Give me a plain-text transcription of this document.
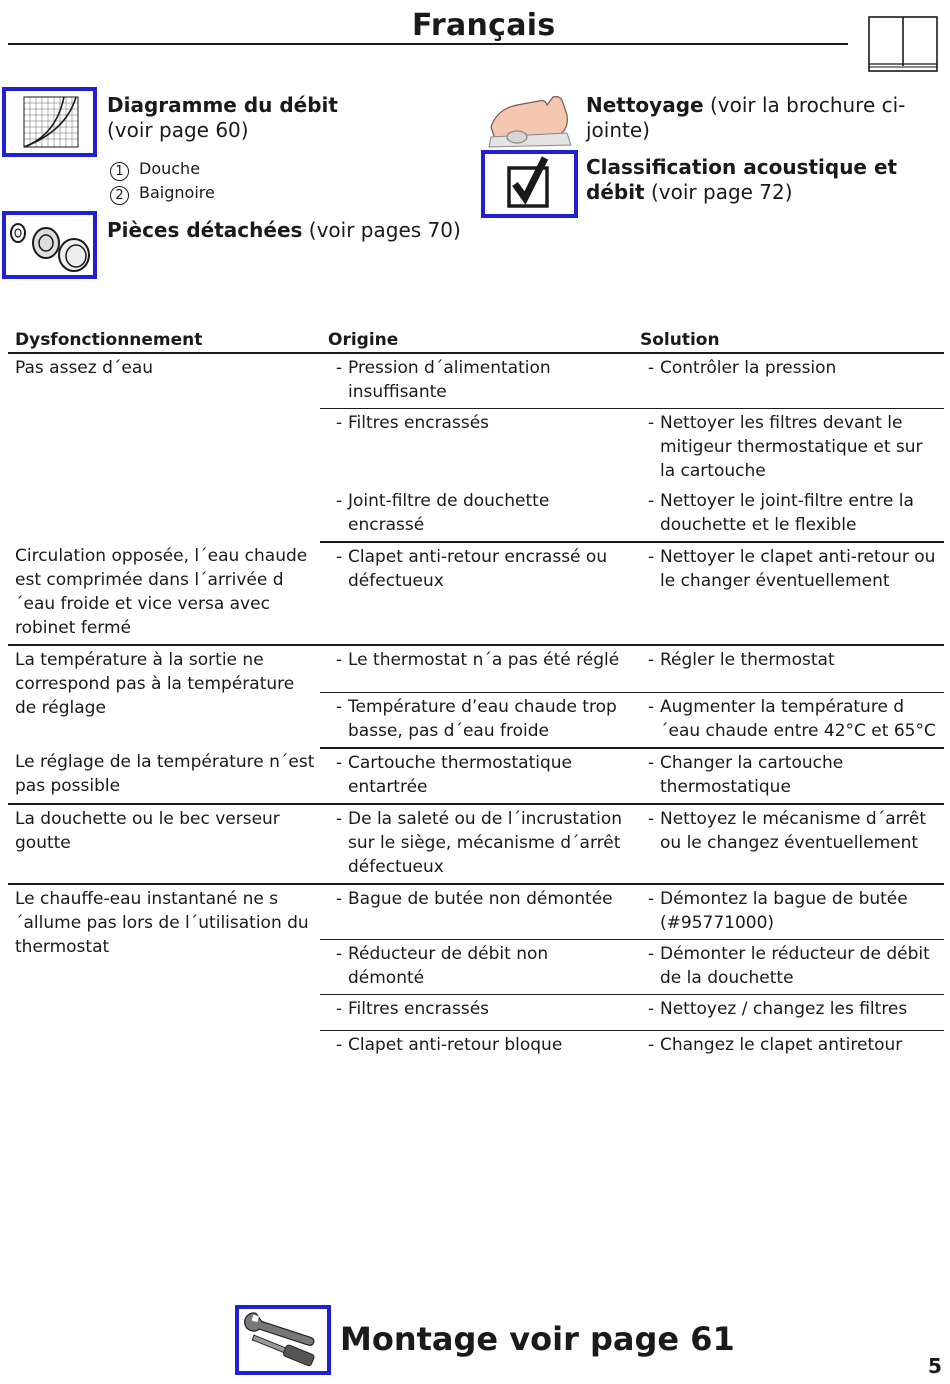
Français
Diagramme du débit
(voir page 60)
1 Douche
2 Baignoire
Pièces détachées (voir pages 70)
Nettoyage (voir la brochure ci-jointe)
Classification acoustique et débit (voir page 72)
Dysfonctionnement	Origine	Solution
Pas assez d´eau	- Pression d´alimentation insuffisante	- Contrôler la pression

	- Filtres encrassés	- Nettoyer les filtres devant le mitigeur thermostatique et sur la cartouche

	- Joint-filtre de douchette encrassé	- Nettoyer le joint-filtre entre la douchette et le flexible

Circulation opposée, l´eau chaude est comprimée dans l´arrivée d´eau froide et vice versa avec robinet fermé	- Clapet anti-retour encrassé ou défectueux	- Nettoyer le clapet anti-retour ou le changer éventuellement

La température à la sortie ne correspond pas à la température de réglage	- Le thermostat n´a pas été réglé	- Régler le thermostat

	- Température d’eau chaude trop basse, pas d´eau froide	- Augmenter la température d´eau chaude entre 42°C et 65°C

Le réglage de la température n´est pas possible	- Cartouche thermostatique entartrée	- Changer la cartouche thermostatique

La douchette ou le bec verseur goutte	- De la saleté ou de l´incrustation sur le siège, mécanisme d´arrêt défectueux	- Nettoyez le mécanisme d´arrêt ou le changez éventuellement

Le chauffe-eau instantané ne s´allume pas lors de l´utilisation du thermostat	- Bague de butée non démontée	- Démontez la bague de butée (#95771000)

	- Réducteur de débit non démonté	- Démonter le réducteur de débit de la douchette

	- Filtres encrassés	- Nettoyez / changez les filtres

	- Clapet anti-retour bloque	- Changez le clapet antiretour
Montage voir page 61
5
